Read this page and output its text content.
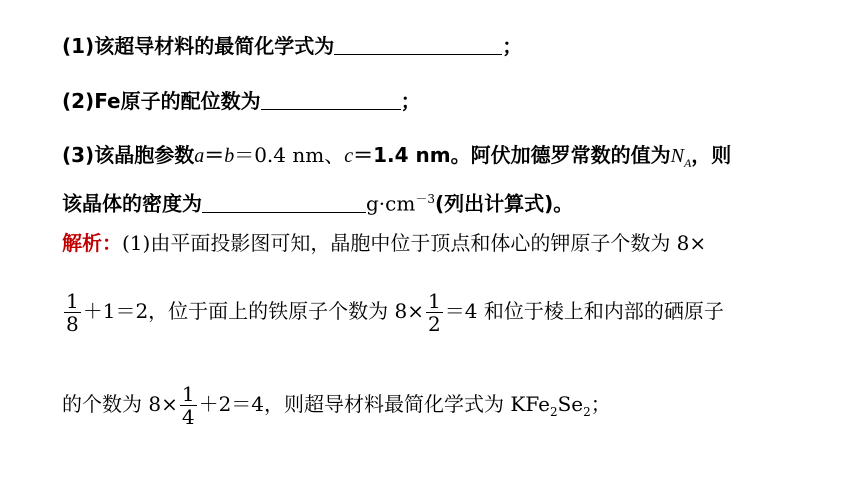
(1)该超导材料的最简化学式为	；
(2)Fe原子的配位数为	；
(3)该晶胞参数a＝b＝0.4 nm、c＝1.4 nm。阿伏加德罗常数的值为$N_A$，则
该晶体的密度为	$g\cdot cm^{-3}$(列出计算式)。
解析：(1)由平面投影图可知，晶胞中位于顶点和体心的钾原子个数为 8×
$\frac{1}{8} +1=2$，位于面上的铁原子个数为 $8\times \frac{1}{2} =4$ 和位于棱上和内部的硒原子
的个数为 $8\times \frac{1}{4} +2=4$，则超导材料最简化学式为 $KFe_2Se_2$；
